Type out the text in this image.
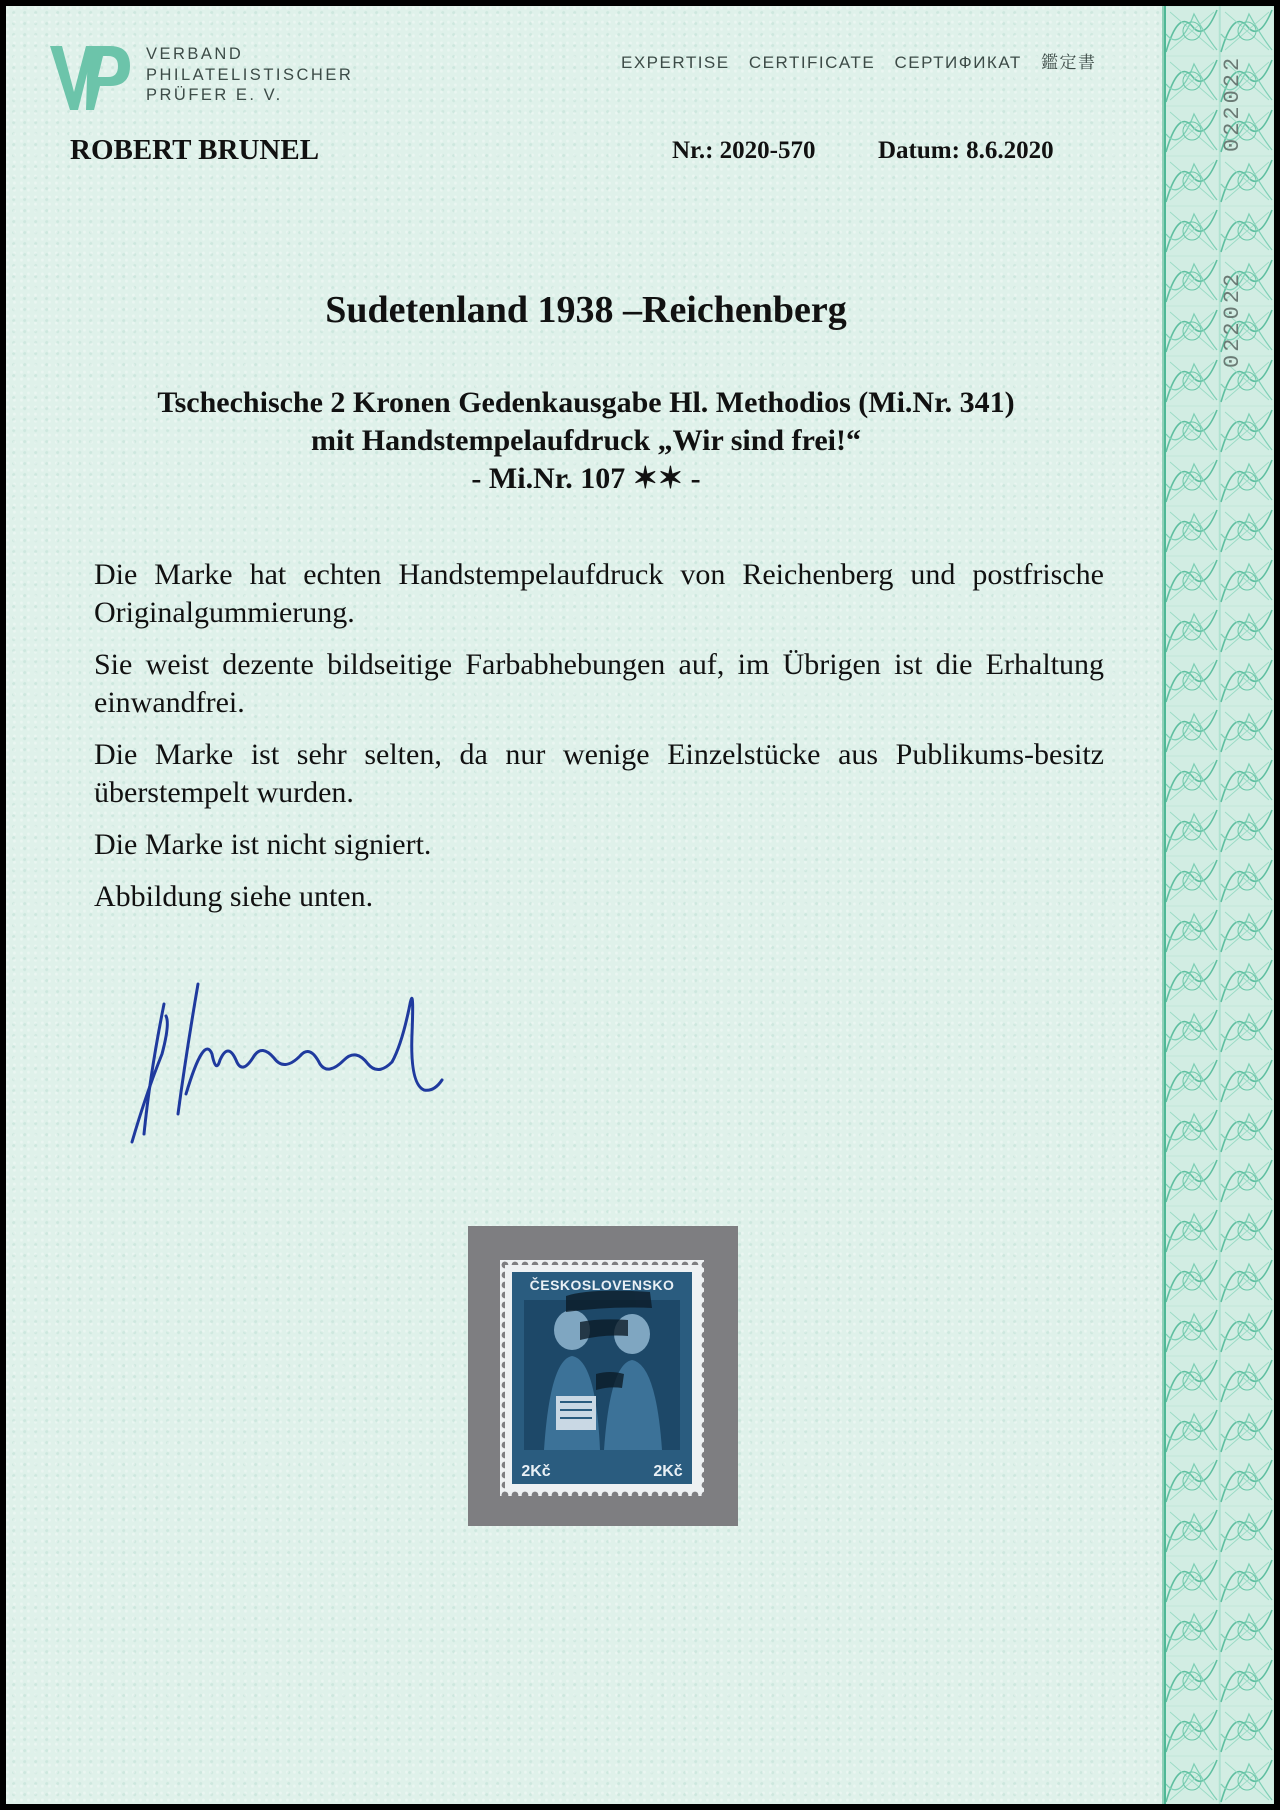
022022
022022
VERBAND
PHILATELISTISCHER
PRÜFER E. V.
EXPERTISE CERTIFICATE СЕРТИФИКАТ 鑑定書
ROBERT BRUNEL	Nr.: 2020-570 Datum: 8.6.2020
Sudetenland 1938 –Reichenberg
Tschechische 2 Kronen Gedenkausgabe Hl. Methodios (Mi.Nr. 341)
mit Handstempelaufdruck „Wir sind frei!“
- Mi.Nr. 107 ✶✶ -

Die Marke hat echten Handstempelaufdruck von Reichenberg und postfrische Originalgummierung.

Sie weist dezente bildseitige Farbabhebungen auf, im Übrigen ist die Erhaltung einwandfrei.

Die Marke ist sehr selten, da nur wenige Einzelstücke aus Publikums-besitz überstempelt wurden.

Die Marke ist nicht signiert.

Abbildung siehe unten.

ČESKOSLOVENSKO
2Kč	2Kč
